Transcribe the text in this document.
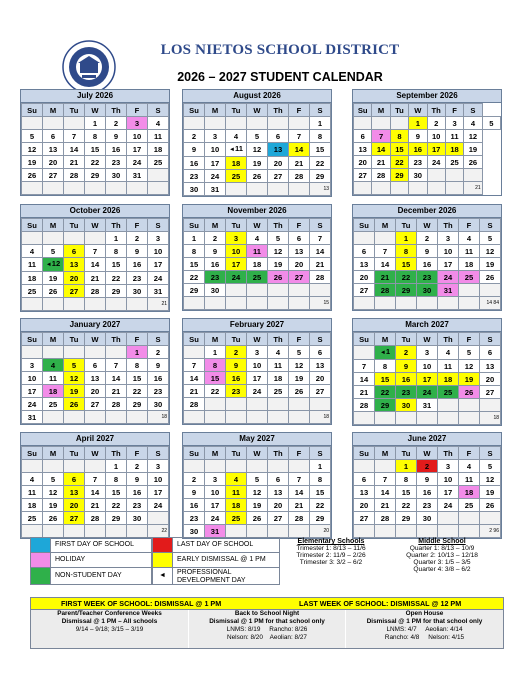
LOS NIETOS SCHOOL DISTRICT
2026 – 2027 STUDENT CALENDAR
July 2026
Su	M	Tu	W	Th	F	S
			1	2	3	4
5	6	7	8	9	10	11
12	13	14	15	16	17	18
19	20	21	22	23	24	25
26	27	28	29	30	31	

August 2026
Su	M	Tu	W	Th	F	S
						1
2	3	4	5	6	7	8
9	10	◄11	12	13	14	15
16	17	18	19	20	21	22
23	24	25	26	27	28	29
30	31					13
September 2026
Su	M	Tu	W	Th	F	S	
			1	2	3	4	5
6	7	8	9	10	11	12	
13	14	15	16	17	18	19	
20	21	22	23	24	25	26	
27	28	29	30				
						21	
October 2026
Su	M	Tu	W	Th	F	S
				1	2	3
4	5	6	7	8	9	10
11	◄12	13	14	15	16	17
18	19	20	21	22	23	24
25	26	27	28	29	30	31
						21
November 2026
Su	M	Tu	W	Th	F	S
1	2	3	4	5	6	7
8	9	10	11	12	13	14
15	16	17	18	19	20	21
22	23	24	25	26	27	28
29	30					
						15
December 2026
Su	M	Tu	W	Th	F	S
		1	2	3	4	5
6	7	8	9	10	11	12
13	14	15	16	17	18	19
20	21	22	23	24	25	26
27	28	29	30	31		
						14 84
January 2027
Su	M	Tu	W	Th	F	S
					1	2
3	4	5	6	7	8	9
10	11	12	13	14	15	16
17	18	19	20	21	22	23
24	25	26	27	28	29	30
31						18
February 2027
Su	M	Tu	W	Th	F	S
	1	2	3	4	5	6
7	8	9	10	11	12	13
14	15	16	17	18	19	20
21	22	23	24	25	26	27
28						
						18
March 2027
Su	M	Tu	W	Th	F	S
	◄1	2	3	4	5	6
7	8	9	10	11	12	13
14	15	16	17	18	19	20
21	22	23	24	25	26	27
28	29	30	31			
						18
April 2027
Su	M	Tu	W	Th	F	S
				1	2	3
4	5	6	7	8	9	10
11	12	13	14	15	16	17
18	19	20	21	22	23	24
25	26	27	28	29	30	
						22
May 2027
Su	M	Tu	W	Th	F	S
						1
2	3	4	5	6	7	8
9	10	11	12	13	14	15
16	17	18	19	20	21	22
23	24	25	26	27	28	29
30	31					20
June 2027
Su	M	Tu	W	Th	F	S
		1	2	3	4	5
6	7	8	9	10	11	12
13	14	15	16	17	18	19
20	21	22	23	24	25	26
27	28	29	30			
						2 96
FIRST DAY OF SCHOOL	LAST DAY OF SCHOOL
HOLIDAY	EARLY DISMISSAL @ 1 PM
NON-STUDENT DAY	◄	PROFESSIONAL DEVELOPMENT DAY
Elementary Schools
Trimester 1: 8/13 – 11/6
Trimester 2: 11/9 – 2/26
Trimester 3: 3/2 – 6/2
Middle School
Quarter 1: 8/13 – 10/9
Quarter 2: 10/13 – 12/18
Quarter 3: 1/5 – 3/5
Quarter 4: 3/8 – 6/2
FIRST WEEK OF SCHOOL: DISMISSAL @ 1 PM	LAST WEEK OF SCHOOL: DISMISSAL @ 12 PM
Parent/Teacher Conference Weeks
Dismissal @ 1 PM – All schools
9/14 – 9/18; 3/15 – 3/19
Back to School Night
Dismissal @ 1 PM for that school only
LNMS: 8/19     Rancho: 8/26
Nelson: 8/20    Aeolian: 8/27
Open House
Dismissal @ 1 PM for that school only
LNMS: 4/7     Aeolian: 4/14
Rancho: 4/8     Nelson: 4/15
